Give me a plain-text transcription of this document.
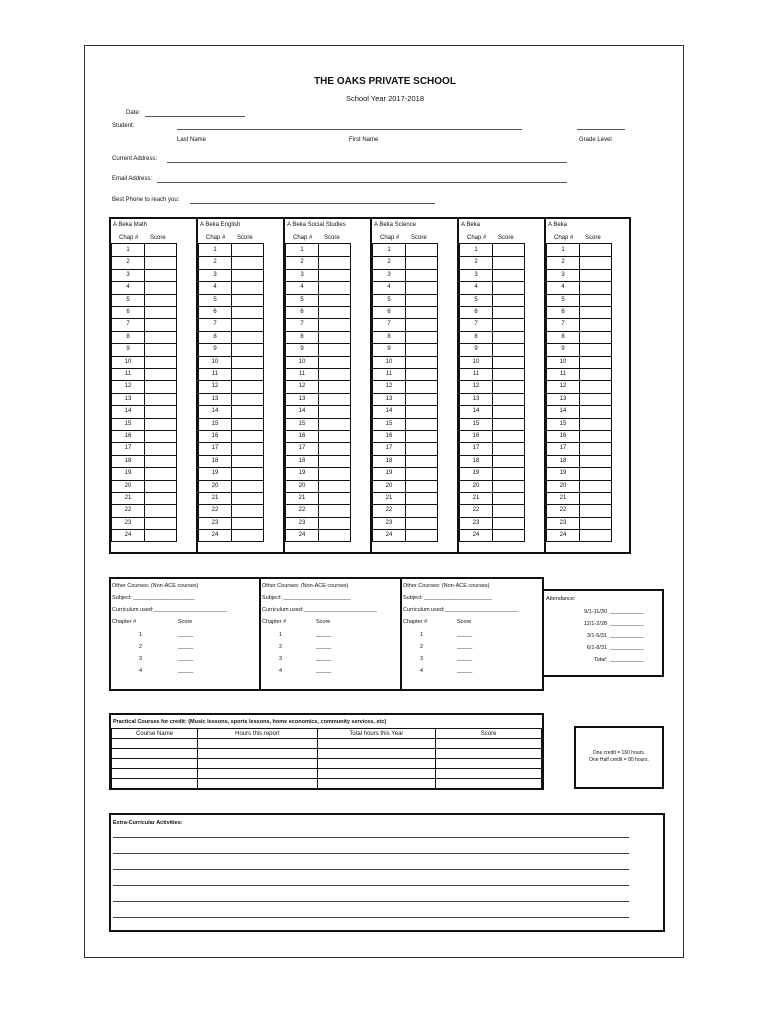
THE OAKS PRIVATE SCHOOL
School Year 2017-2018
Date:
Student:
Last Name	First Name	Grade Level
Current Address:
Email Address:
Best Phone to reach you:
A Beka Math
Chap # Score
1
2
3
4
5
6
7
8
9
10
11
12
13
14
15
16
17
18
19
20
21
22
23
24
A Beka English
Chap # Score
1
2
3
4
5
6
7
8
9
10
11
12
13
14
15
16
17
18
19
20
21
22
23
24
A Beka Social Studies
Chap # Score
1
2
3
4
5
6
7
8
9
10
11
12
13
14
15
16
17
18
19
20
21
22
23
24
A Beka Science
Chap # Score
1
2
3
4
5
6
7
8
9
10
11
12
13
14
15
16
17
18
19
20
21
22
23
24
A Beka
Chap # Score
1
2
3
4
5
6
7
8
9
10
11
12
13
14
15
16
17
18
19
20
21
22
23
24
A Beka
Chap # Score
1
2
3
4
5
6
7
8
9
10
11
12
13
14
15
16
17
18
19
20
21
22
23
24
Other Courses: (Non-ACE courses)
Subject: ____________________
Curriculum used:________________________
Chapter #	Score
1	_____
2	_____
3	_____
4	_____
Other Courses: (Non-ACE courses)
Subject: ______________________
Curriculum used:________________________
Chapter #	Score
1	_____
2	_____
3	_____
4	_____
Other Courses: (Non-ACE courses)
Subject: ______________________
Curriculum used:________________________
Chapter #	Score
1	_____
2	_____
3	_____
4	_____
Attendance:
9/1-11/30 ___________
12/1-2/28 ___________
3/1-5/31 ___________
6/1-8/31 ___________
Total: ___________
Practical Courses for credit: (Music lessons, sports lessons, home economics, community services, etc)
Course Name	Hours this report	Total hours this Year	Score

One credit = 160 hours.
One Half credit = 80 hours.
Extra-Curricular Activities:
